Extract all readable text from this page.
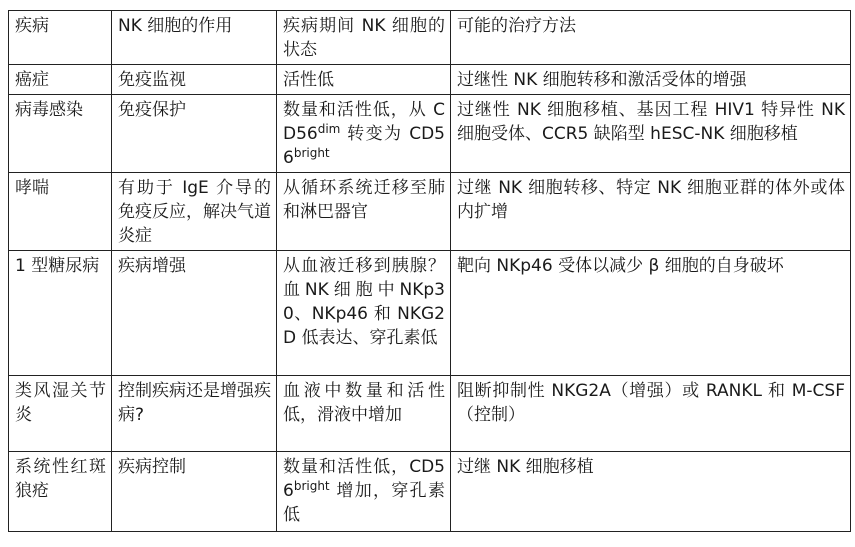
疾病	NK 细胞的作用	疾病期间 NK 细胞的状态	可能的治疗方法
癌症	免疫监视	活性低	过继性 NK 细胞转移和激活受体的增强
病毒感染	免疫保护	数量和活性低，从 $CD56^{dim}$ 转变为 $CD56^{bright}$	过继性 NK 细胞移植、基因工程 HIV1 特异性 NK 细胞受体、CCR5 缺陷型 hESC-NK 细胞移植
哮喘	有助于 IgE 介导的免疫反应，解决气道炎症	从循环系统迁移至肺和淋巴器官	过继 NK 细胞转移、特定 NK 细胞亚群的体外或体内扩增
1 型糖尿病	疾病增强	从血液迁移到胰腺？ 血NK细胞中NKp30、NKp46 和 NKG2D 低表达、穿孔素低	靶向 NKp46 受体以减少 β 细胞的自身破坏
类风湿关节炎	控制疾病还是增强疾病?	血液中数量和活性低，滑液中增加	阻断抑制性 NKG2A（增强）或 RANKL 和 M-CSF（控制）
系统性红斑狼疮	疾病控制	数量和活性低，$CD56^{bright}$ 增加，穿孔素低	过继 NK 细胞移植
